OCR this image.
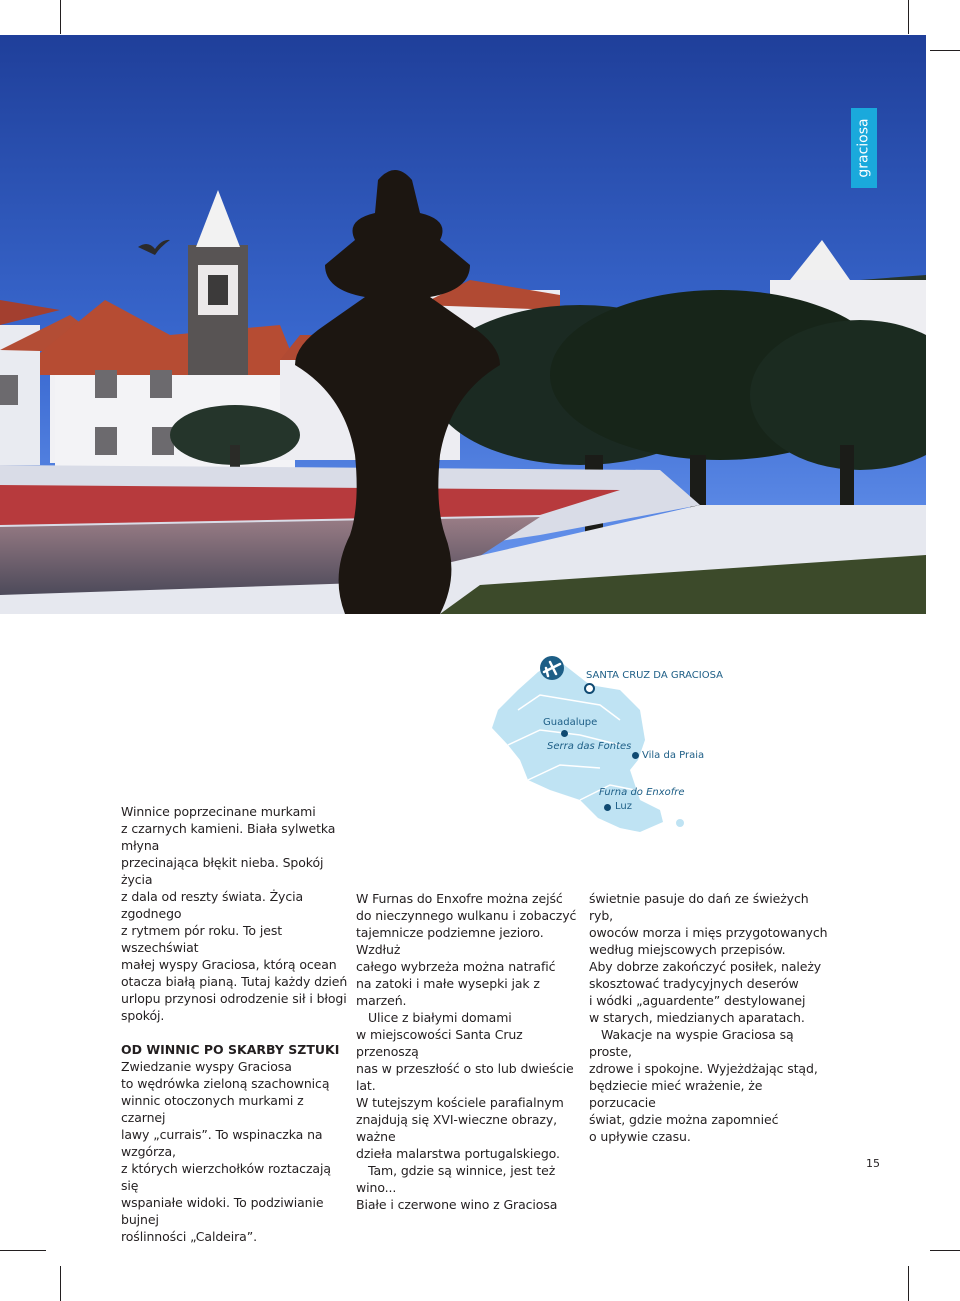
graciosa
SANTA CRUZ DA GRACIOSA
Guadalupe
Serra das Fontes
Vila da Praia
Furna do Enxofre
Luz

Winnice poprzecinane murkami
z czarnych kamieni. Biała sylwetka młyna
przecinająca błękit nieba. Spokój życia
z dala od reszty świata. Życia zgodnego
z rytmem pór roku. To jest wszechświat
małej wyspy Graciosa, którą ocean
otacza białą pianą. Tutaj każdy dzień
urlopu przynosi odrodzenie sił i błogi
spokój.

OD WINNIC PO SKARBY SZTUKI

Zwiedzanie wyspy Graciosa
to wędrówka zieloną szachownicą
winnic otoczonych murkami z czarnej
lawy „currais”. To wspinaczka na wzgórza,
z których wierzchołków roztaczają się
wspaniałe widoki. To podziwianie bujnej
roślinności „Caldeira”.

W Furnas do Enxofre można zejść
do nieczynnego wulkanu i zobaczyć
tajemnicze podziemne jezioro. Wzdłuż
całego wybrzeża można natrafić
na zatoki i małe wysepki jak z marzeń.

Ulice z białymi domami
w miejscowości Santa Cruz przenoszą
nas w przeszłość o sto lub dwieście lat.
W tutejszym kościele parafialnym
znajdują się XVI-wieczne obrazy, ważne
dzieła malarstwa portugalskiego.

Tam, gdzie są winnice, jest też wino...
Białe i czerwone wino z Graciosa

świetnie pasuje do dań ze świeżych ryb,
owoców morza i mięs przygotowanych
według miejscowych przepisów.
Aby dobrze zakończyć posiłek, należy
skosztować tradycyjnych deserów
i wódki „aguardente” destylowanej
w starych, miedzianych aparatach.

Wakacje na wyspie Graciosa są proste,
zdrowe i spokojne. Wyjeżdżając stąd,
będziecie mieć wrażenie, że porzucacie
świat, gdzie można zapomnieć
o upływie czasu.

15
